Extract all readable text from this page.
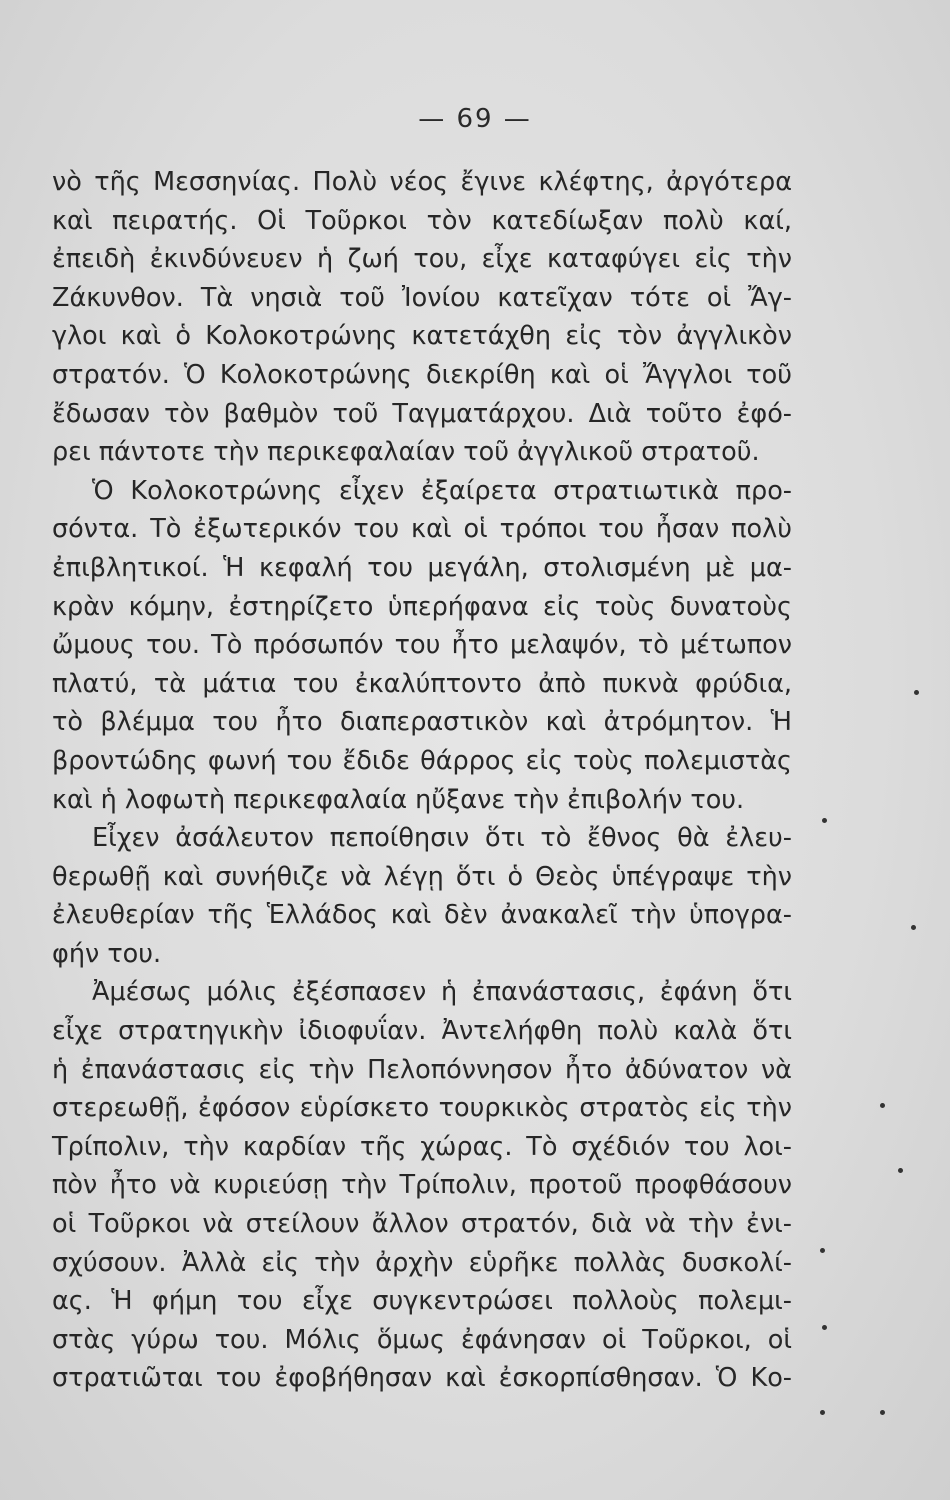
— 69 —
νὸ τῆς Μεσσηνίας. Πολὺ νέος ἔγινε κλέφτης, ἀργότερα
καὶ πειρατής. Οἱ Τοῦρκοι τὸν κατεδίωξαν πολὺ καί,
ἐπειδὴ ἐκινδύνευεν ἡ ζωή του, εἶχε καταφύγει εἰς τὴν
Ζάκυνθον. Τὰ νησιὰ τοῦ Ἰονίου κατεῖχαν τότε οἱ Ἄγ-
γλοι καὶ ὁ Κολοκοτρώνης κατετάχθη εἰς τὸν ἀγγλικὸν
στρατόν. Ὁ Κολοκοτρώνης διεκρίθη καὶ οἱ Ἄγγλοι τοῦ
ἔδωσαν τὸν βαθμὸν τοῦ Ταγματάρχου. Διὰ τοῦτο ἐφό-
ρει πάντοτε τὴν περικεφαλαίαν τοῦ ἀγγλικοῦ στρατοῦ.
Ὁ Κολοκοτρώνης εἶχεν ἐξαίρετα στρατιωτικὰ προ-
σόντα. Τὸ ἐξωτερικόν του καὶ οἱ τρόποι του ἦσαν πολὺ
ἐπιβλητικοί. Ἡ κεφαλή του μεγάλη, στολισμένη μὲ μα-
κρὰν κόμην, ἐστηρίζετο ὑπερήφανα εἰς τοὺς δυνατοὺς
ὤμους του. Τὸ πρόσωπόν του ἦτο μελαψόν, τὸ μέτωπον
πλατύ, τὰ μάτια του ἐκαλύπτοντο ἀπὸ πυκνὰ φρύδια,
τὸ βλέμμα του ἦτο διαπεραστικὸν καὶ ἀτρόμητον. Ἡ
βροντώδης φωνή του ἔδιδε θάρρος εἰς τοὺς πολεμιστὰς
καὶ ἡ λοφωτὴ περικεφαλαία ηὔξανε τὴν ἐπιβολήν του.
Εἶχεν ἀσάλευτον πεποίθησιν ὅτι τὸ ἔθνος θὰ ἐλευ-
θερωθῇ καὶ συνήθιζε νὰ λέγῃ ὅτι ὁ Θεὸς ὑπέγραψε τὴν
ἐλευθερίαν τῆς Ἑλλάδος καὶ δὲν ἀνακαλεῖ τὴν ὑπογρα-
φήν του.
Ἀμέσως μόλις ἐξέσπασεν ἡ ἐπανάστασις, ἐφάνη ὅτι
εἶχε στρατηγικὴν ἰδιοφυΐαν. Ἀντελήφθη πολὺ καλὰ ὅτι
ἡ ἐπανάστασις εἰς τὴν Πελοπόννησον ἦτο ἀδύνατον νὰ
στερεωθῇ, ἐφόσον εὑρίσκετο τουρκικὸς στρατὸς εἰς τὴν
Τρίπολιν, τὴν καρδίαν τῆς χώρας. Τὸ σχέδιόν του λοι-
πὸν ἦτο νὰ κυριεύσῃ τὴν Τρίπολιν, προτοῦ προφθάσουν
οἱ Τοῦρκοι νὰ στείλουν ἄλλον στρατόν, διὰ νὰ τὴν ἐνι-
σχύσουν. Ἀλλὰ εἰς τὴν ἀρχὴν εὑρῆκε πολλὰς δυσκολί-
ας. Ἡ φήμη του εἶχε συγκεντρώσει πολλοὺς πολεμι-
στὰς γύρω του. Μόλις ὅμως ἐφάνησαν οἱ Τοῦρκοι, οἱ
στρατιῶται του ἐφοβήθησαν καὶ ἐσκορπίσθησαν. Ὁ Κο-
